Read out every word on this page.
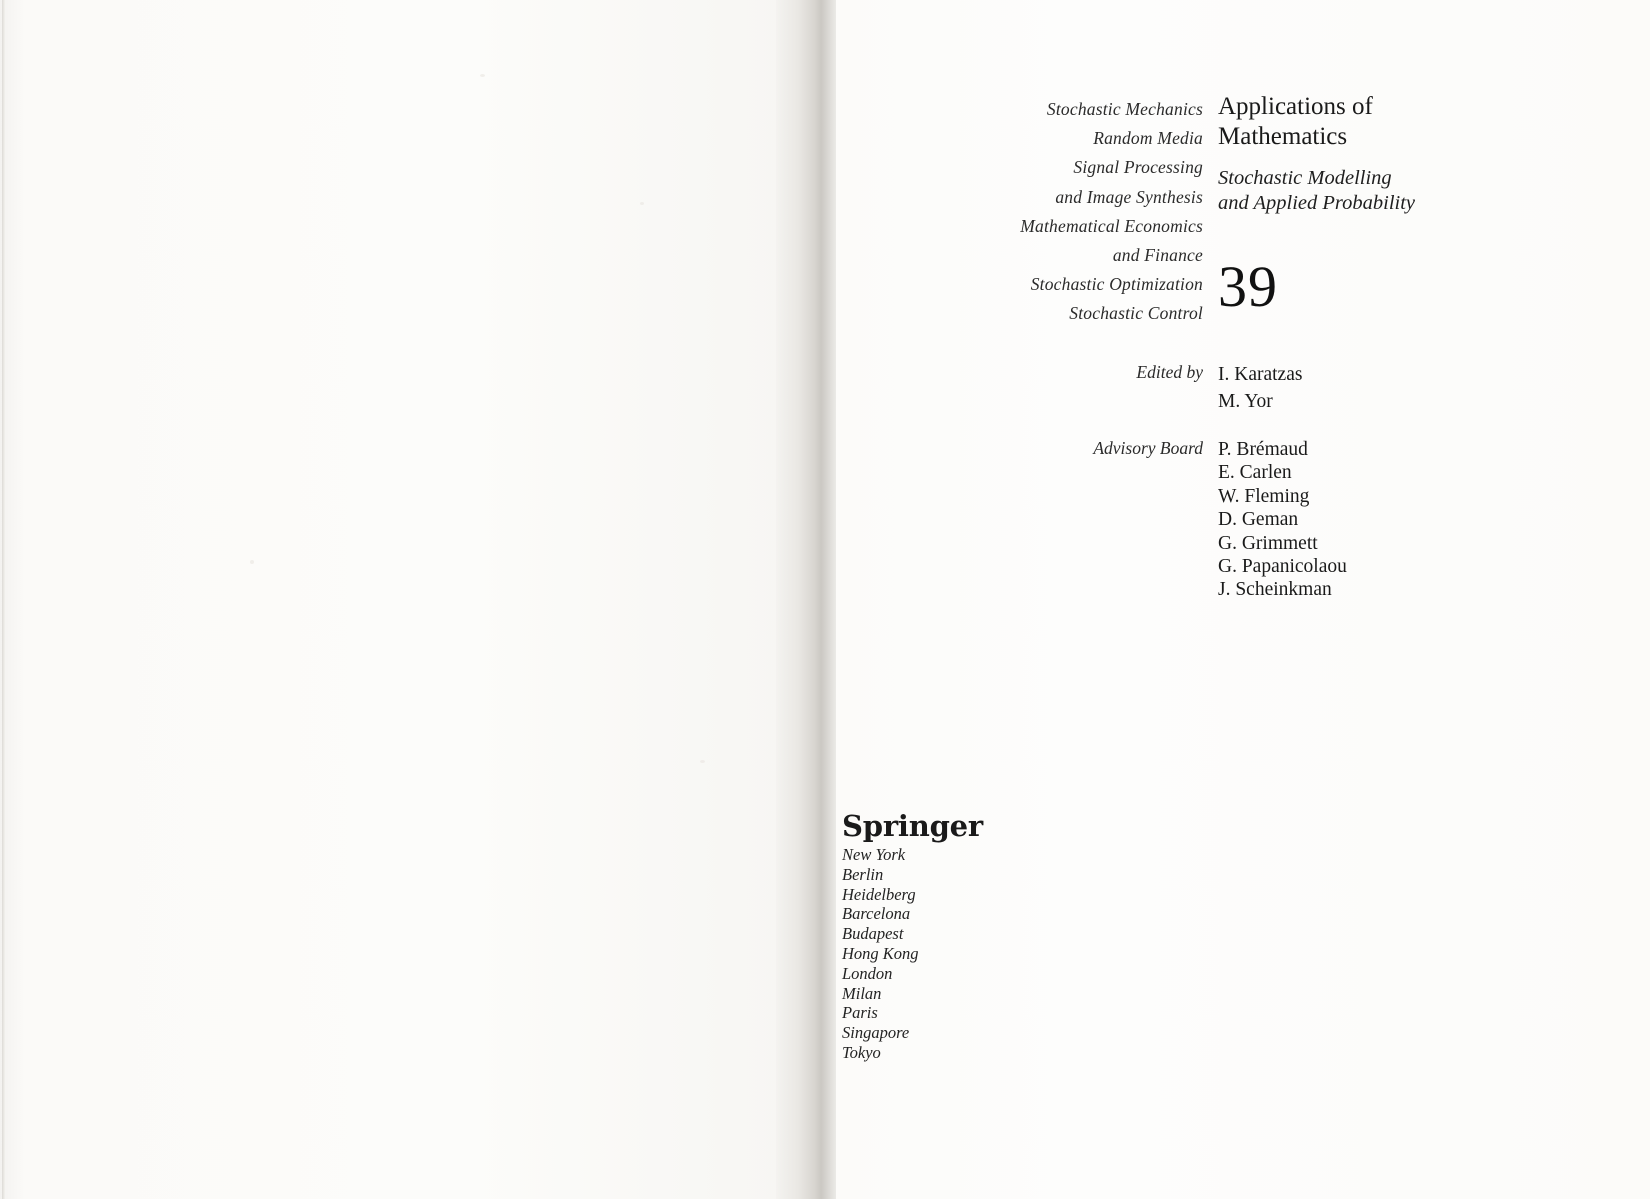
Stochastic Mechanics
Random Media
Signal Processing
and Image Synthesis
Mathematical Economics
and Finance
Stochastic Optimization
Stochastic Control
Edited by
Advisory Board
Applications of
Mathematics
Stochastic Modelling
and Applied Probability
39
I. Karatzas
M. Yor
P. Brémaud
E. Carlen
W. Fleming
D. Geman
G. Grimmett
G. Papanicolaou
J. Scheinkman
Springer
New York
Berlin
Heidelberg
Barcelona
Budapest
Hong Kong
London
Milan
Paris
Singapore
Tokyo
